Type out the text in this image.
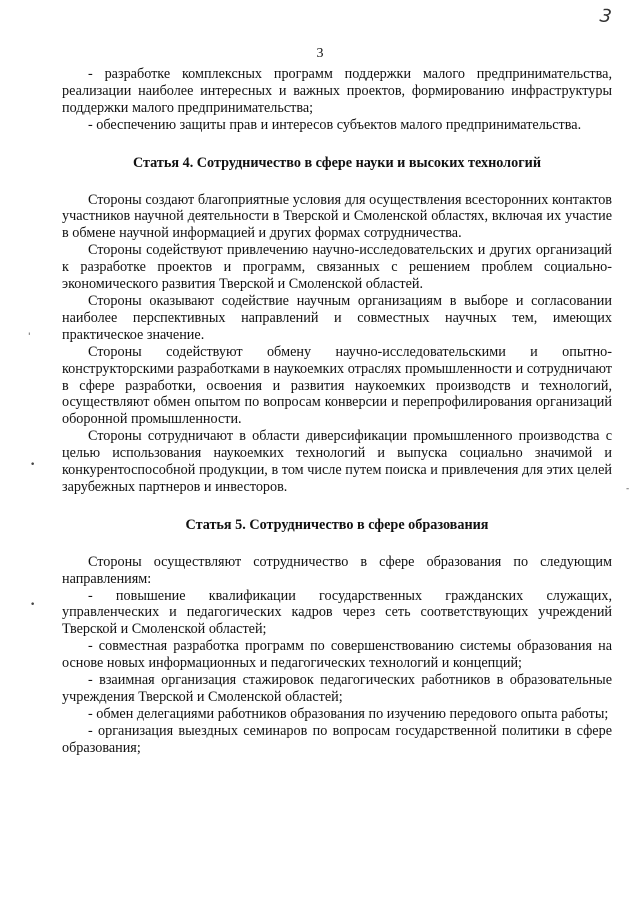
3
3
'
•
•
-

- разработке комплексных программ поддержки малого предпринимательства, реализации наиболее интересных и важных проектов, формированию инфраструктуры поддержки малого предпринимательства;

- обеспечению защиты прав и интересов субъектов малого предпринимательства.

Статья 4. Сотрудничество в сфере науки и высоких технологий

Стороны создают благоприятные условия для осуществления всесторонних контактов участников научной деятельности в Тверской и Смоленской областях, включая их участие в обмене научной информацией и других формах сотрудничества.

Стороны содействуют привлечению научно-исследовательских и других организаций к разработке проектов и программ, связанных с решением проблем социально-экономического развития Тверской и Смоленской областей.

Стороны оказывают содействие научным организациям в выборе и согласовании наиболее перспективных направлений и совместных научных тем, имеющих практическое значение.

Стороны содействуют обмену научно-исследовательскими и опытно-конструкторскими разработками в наукоемких отраслях промышленности и сотрудничают в сфере разработки, освоения и развития наукоемких производств и технологий, осуществляют обмен опытом по вопросам конверсии и перепрофилирования организаций оборонной промышленности.

Стороны сотрудничают в области диверсификации промышленного производства с целью использования наукоемких технологий и выпуска социально значимой и конкурентоспособной продукции, в том числе путем поиска и привлечения для этих целей зарубежных партнеров и инвесторов.

Статья 5. Сотрудничество в сфере образования

Стороны осуществляют сотрудничество в сфере образования по следующим направлениям:

- повышение квалификации государственных гражданских служащих, управленческих и педагогических кадров через сеть соответствующих учреждений Тверской и Смоленской областей;

- совместная разработка программ по совершенствованию системы образования на основе новых информационных и педагогических технологий и концепций;

- взаимная организация стажировок педагогических работников в образовательные учреждения Тверской и Смоленской областей;

- обмен делегациями работников образования по изучению передового опыта работы;

- организация выездных семинаров по вопросам государственной политики в сфере образования;
